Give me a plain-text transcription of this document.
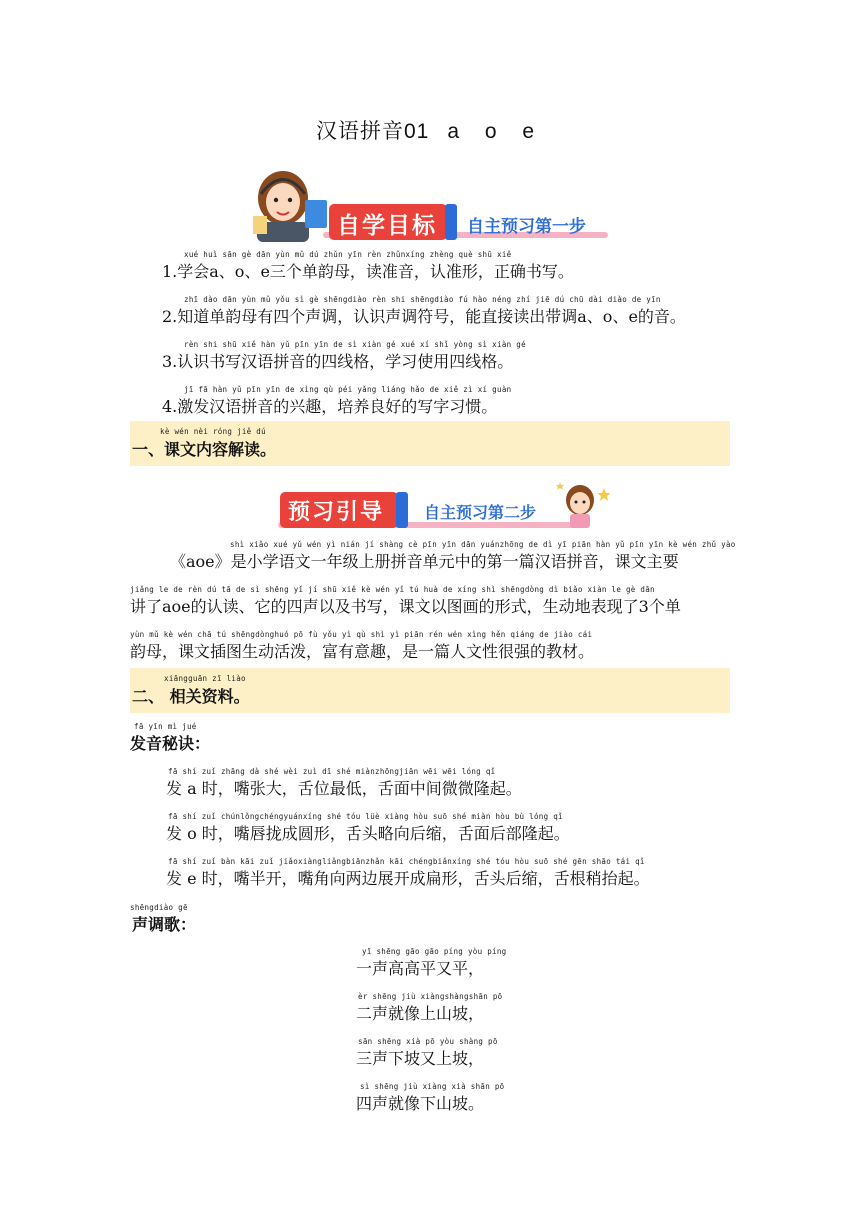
汉语拼音01 a o e
自学目标 自主预习第一步
xué huì sān gè dān yùn mǔ dú zhǔn yīn rèn zhǔnxíng zhèng què shū xiě
1.学会a、o、e三个单韵母，读准音，认准形，正确书写。
zhī dào dān yùn mǔ yǒu sì gè shēngdiào rèn shi shēngdiào fú hào néng zhí jiē dú chū dài diào de yīn
2.知道单韵母有四个声调，认识声调符号，能直接读出带调a、o、e的音。
rèn shi shū xiě hàn yǔ pīn yīn de sì xiàn gé xué xí shǐ yòng sì xiàn gé
3.认识书写汉语拼音的四线格，学习使用四线格。
jī fā hàn yǔ pīn yīn de xìng qù péi yǎng liáng hǎo de xiě zì xí guàn
4.激发汉语拼音的兴趣，培养良好的写字习惯。
kè wén nèi róng jiě dú
一、课文内容解读。
预习引导 自主预习第二步
shì xiǎo xué yǔ wén yì nián jí shàng cè pīn yīn dān yuánzhōng de dì yī piān hàn yǔ pīn yīn kè wén zhǔ yào
《aoe》是小学语文一年级上册拼音单元中的第一篇汉语拼音，课文主要
jiǎng le de rèn dú tā de sì shēng yǐ jí shū xiě kè wén yǐ tú huà de xíng shì shēngdòng dì biǎo xiàn le gè dān
讲了aoe的认读、它的四声以及书写，课文以图画的形式，生动地表现了3个单
yùn mǔ kè wén chā tú shēngdònghuó pō fù yǒu yì qù shì yì piān rén wén xìng hěn qiáng de jiào cái
韵母，课文插图生动活泼，富有意趣，是一篇人文性很强的教材。
xiāngguān zī liào
二、 相关资料。
fā yīn mì jué
发音秘诀：
fā shí zuǐ zhāng dà shé wèi zuì dī shé miànzhōngjiān wēi wēi lóng qǐ
发 a 时，嘴张大，舌位最低，舌面中间微微隆起。
fā shí zuǐ chúnlǒngchéngyuánxíng shé tóu lüè xiàng hòu suō shé miàn hòu bù lóng qǐ
发 o 时，嘴唇拢成圆形，舌头略向后缩，舌面后部隆起。
fā shí zuǐ bàn kāi zuǐ jiǎoxiàngliǎngbiānzhǎn kāi chéngbiǎnxíng shé tóu hòu suō shé gēn shāo tái qǐ
发 e 时，嘴半开，嘴角向两边展开成扁形，舌头后缩，舌根稍抬起。
shēngdiào gē
声调歌：
yī shēng gāo gāo píng yòu píng
一声高高平又平，
èr shēng jiù xiàngshàngshān pō
二声就像上山坡，
sān shēng xià pō yòu shàng pō
三声下坡又上坡，
sì shēng jiù xiàng xià shān pō
四声就像下山坡。
